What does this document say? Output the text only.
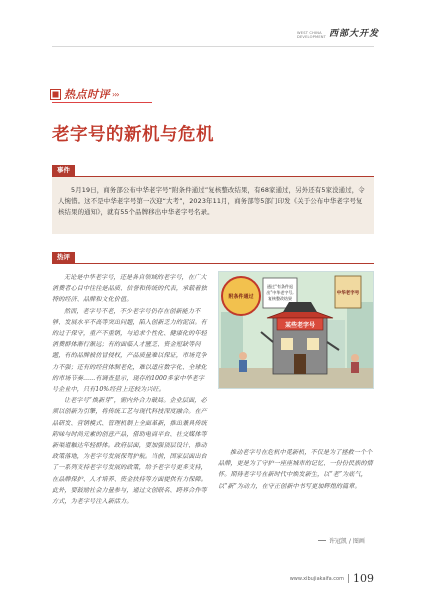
WEST CHINA
DEVELOPMENT 西部大开发
热点时评 ›››
老字号的新机与危机
事件

5月19日，商务部公布中华老字号“附条件通过”复核整改结果，有68家通过，另外还有5家没通过，令人惋惜。这不是中华老字号第一次迎“大考”，2023年11月，商务部等5部门印发《关于公布中华老字号复核结果的通知》，就有55个品牌移出中华老字号名录。

热评

无论是中华老字号，还是各自领域的老字号，在广大消费者心目中往往是品质、信誉和传统的代表，承载着独特的经济、品牌和文化价值。

然而，老字号不老，不少老字号仍存在创新能力不够、发展水平不高等突出问题，陷入创新乏力的泥沼。有的过于保守，重产不重销，与追求个性化、健康化的年轻消费群体渐行渐远；有的面临人才匮乏、资金短缺等问题，有的品牌被仿冒侵权，产品质量难以保证，市场竞争力不强；还有的经营体制老化，难以适应数字化、全球化的市场节奏……有调查显示，现存的1000多家中华老字号企业中，只有10%经营上还较为兴旺。

让老字号“焕新芽”，需内外合力破局。企业层面，必须以创新为引擎，将传统工艺与现代科技深度融合。在产品研发、营销模式、管理机制上全面革新，推出兼具传统韵味与时尚元素的创意产品，借助电商平台、社交媒体等新渠道触达年轻群体。政府层面，要加强顶层设计、推动政策落地，为老字号发展保驾护航。当前，国家层面出台了一系列支持老字号发展的政策，给予老字号更多支持，在品牌保护、人才培养、资金扶持等方面提供有力保障。此外，要鼓励社会力量参与，通过文创联名、跨界合作等方式，为老字号注入新活力。

附条件通过
通过“有条件退
出”中华老字号,
复核整改结果
中华老字号
某些老字号

推动老字号在危机中觅新机，不仅是为了拯救一个个品牌，更是为了守护一座座城市的记忆、一份份民族的情怀。期待老字号在新时代中焕发新生，以“老”为底气，以“新”为动力，在守正创新中书写更加辉煌的篇章。

许冠凯 / 图画
www.xibujiakaifa.com 109
